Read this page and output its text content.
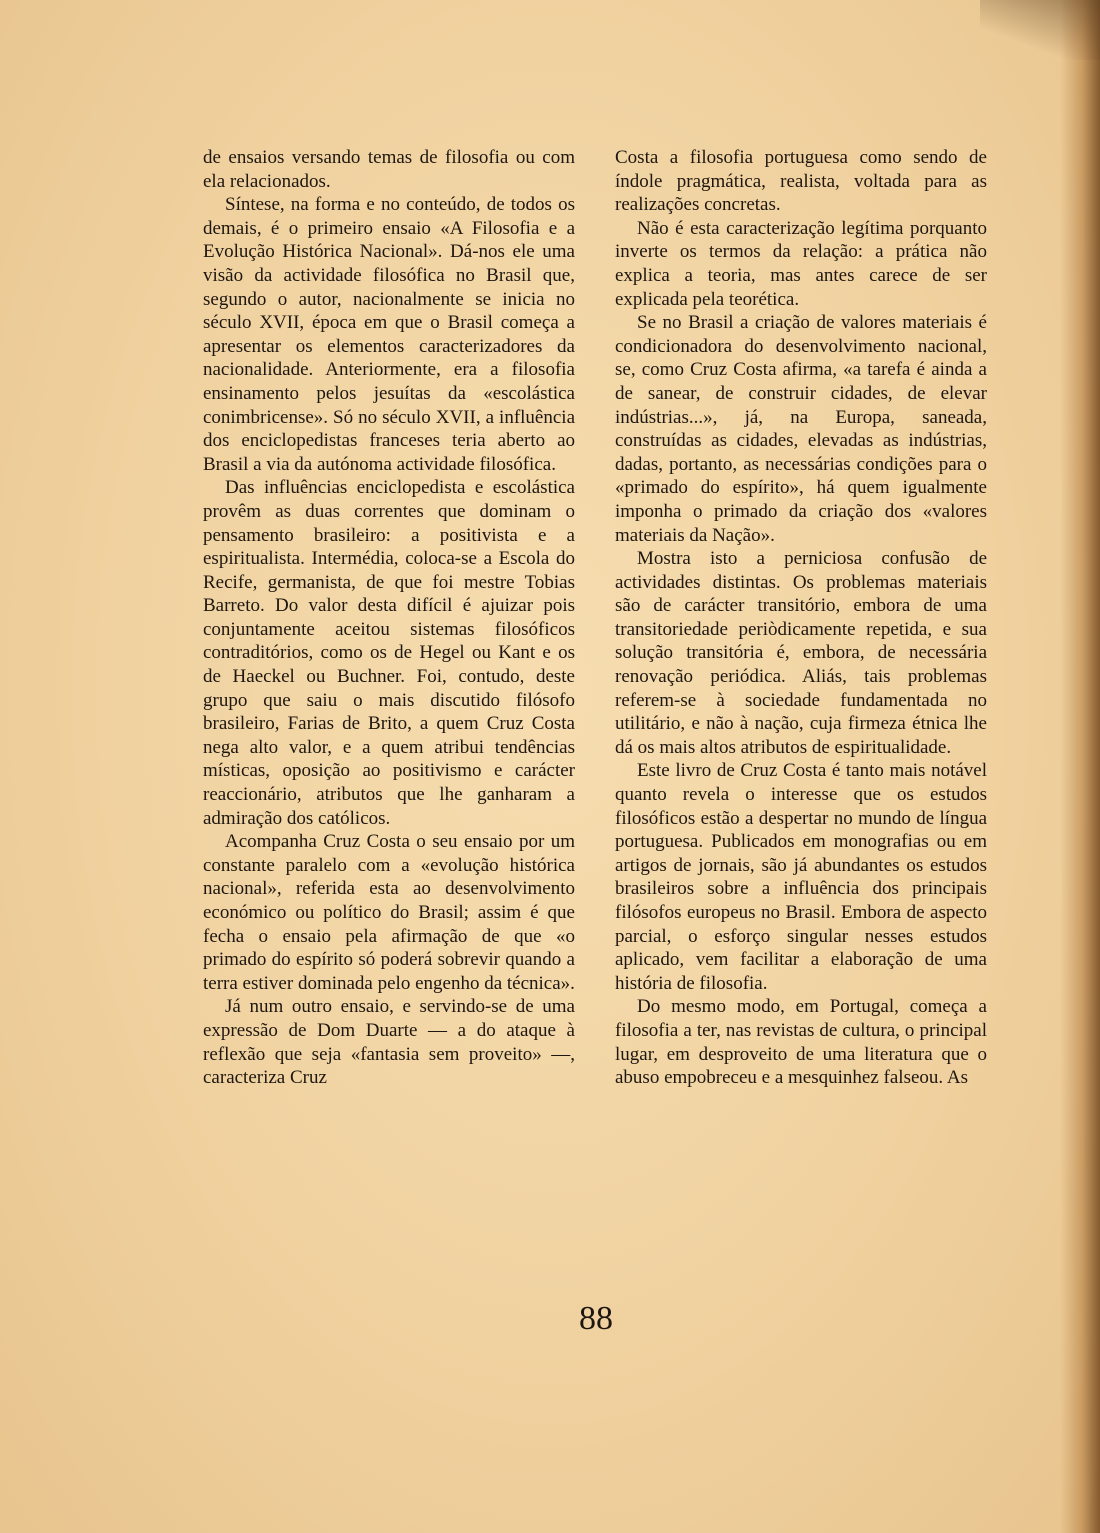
de ensaios versando temas de filosofia ou com ela relacionados.

Síntese, na forma e no conteúdo, de todos os demais, é o primeiro ensaio «A Filosofia e a Evolução Histórica Nacional». Dá-nos ele uma visão da actividade filosófica no Brasil que, segundo o autor, nacionalmente se inicia no século XVII, época em que o Brasil começa a apresentar os elementos caracterizadores da nacionalidade. Anteriormente, era a filosofia ensinamento pelos jesuítas da «escolástica conimbricense». Só no século XVII, a influência dos enciclopedistas franceses teria aberto ao Brasil a via da autónoma actividade filosófica.

Das influências enciclopedista e escolástica provêm as duas correntes que dominam o pensamento brasileiro: a positivista e a espiritualista. Intermédia, coloca-se a Escola do Recife, germanista, de que foi mestre Tobias Barreto. Do valor desta difícil é ajuizar pois conjuntamente aceitou sistemas filosóficos contraditórios, como os de Hegel ou Kant e os de Haeckel ou Buchner. Foi, contudo, deste grupo que saiu o mais discutido filósofo brasileiro, Farias de Brito, a quem Cruz Costa nega alto valor, e a quem atribui tendências místicas, oposição ao positivismo e carácter reaccionário, atributos que lhe ganharam a admiração dos católicos.

Acompanha Cruz Costa o seu ensaio por um constante paralelo com a «evolução histórica nacional», referida esta ao desenvolvimento económico ou político do Brasil; assim é que fecha o ensaio pela afirmação de que «o primado do espírito só poderá sobrevir quando a terra estiver dominada pelo engenho da técnica».

Já num outro ensaio, e servindo-se de uma expressão de Dom Duarte — a do ataque à reflexão que seja «fantasia sem proveito» —, caracteriza Cruz

Costa a filosofia portuguesa como sendo de índole pragmática, realista, voltada para as realizações concretas.

Não é esta caracterização legítima porquanto inverte os termos da relação: a prática não explica a teoria, mas antes carece de ser explicada pela teorética.

Se no Brasil a criação de valores materiais é condicionadora do desenvolvimento nacional, se, como Cruz Costa afirma, «a tarefa é ainda a de sanear, de construir cidades, de elevar indústrias...», já, na Europa, saneada, construídas as cidades, elevadas as indústrias, dadas, portanto, as necessárias condições para o «primado do espírito», há quem igualmente imponha o primado da criação dos «valores materiais da Nação».

Mostra isto a perniciosa confusão de actividades distintas. Os problemas materiais são de carácter transitório, embora de uma transitoriedade periòdicamente repetida, e sua solução transitória é, embora, de necessária renovação periódica. Aliás, tais problemas referem-se à sociedade fundamentada no utilitário, e não à nação, cuja firmeza étnica lhe dá os mais altos atributos de espiritualidade.

Este livro de Cruz Costa é tanto mais notável quanto revela o interesse que os estudos filosóficos estão a despertar no mundo de língua portuguesa. Publicados em monografias ou em artigos de jornais, são já abundantes os estudos brasileiros sobre a influência dos principais filósofos europeus no Brasil. Embora de aspecto parcial, o esforço singular nesses estudos aplicado, vem facilitar a elaboração de uma história de filosofia.

Do mesmo modo, em Portugal, começa a filosofia a ter, nas revistas de cultura, o principal lugar, em desproveito de uma literatura que o abuso empobreceu e a mesquinhez falseou. As

88
